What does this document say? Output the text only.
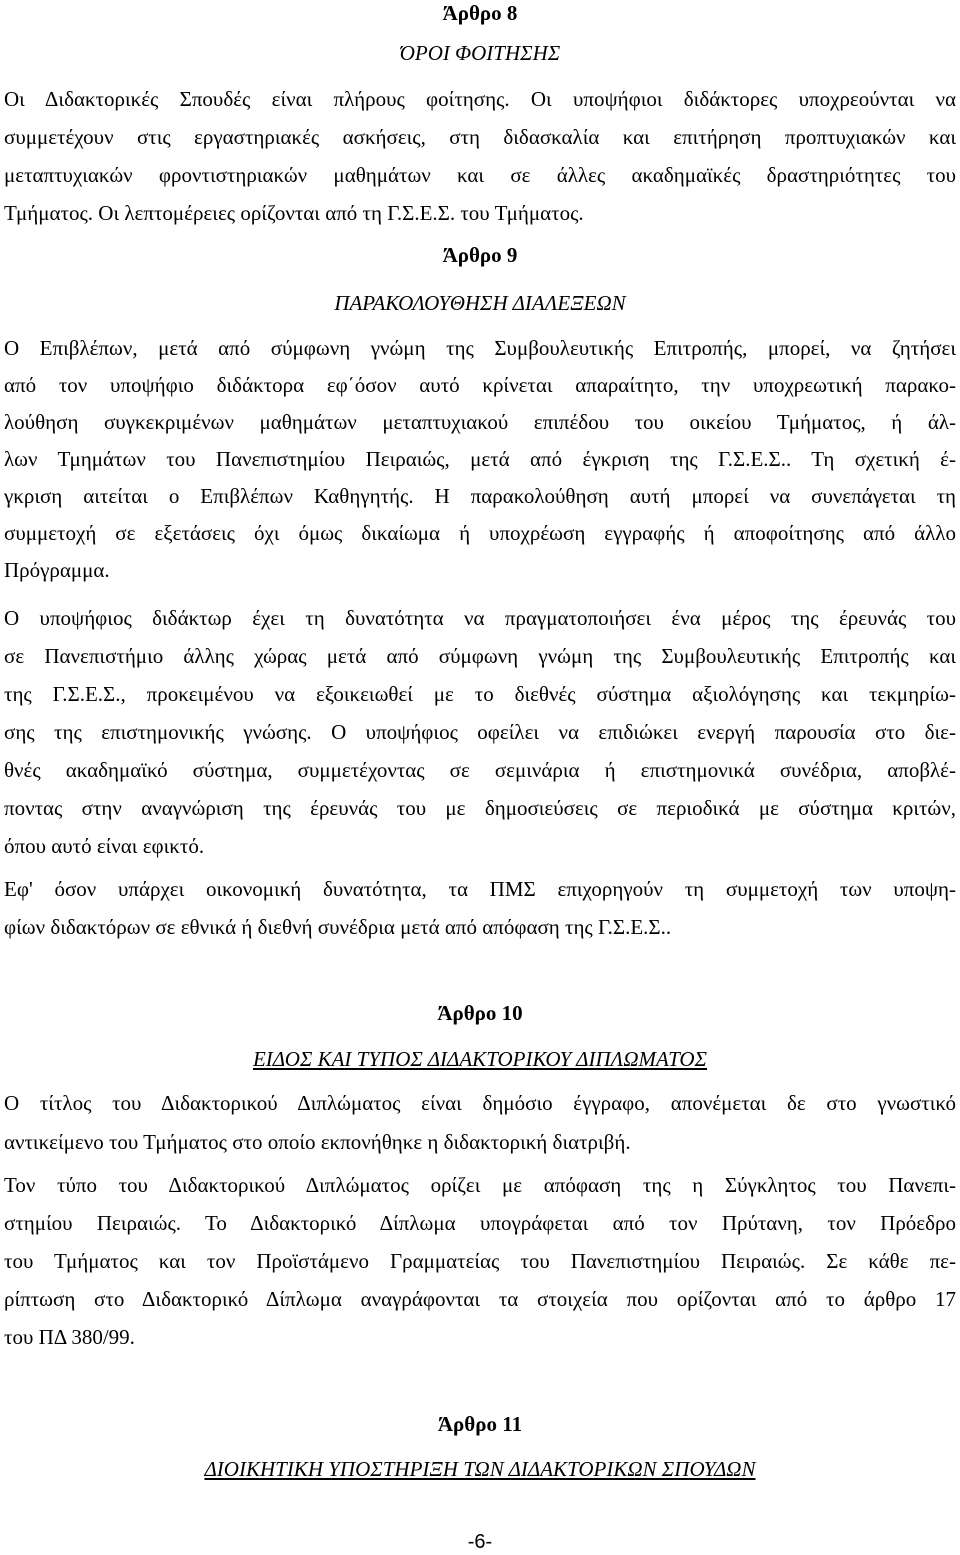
Άρθρο 8
ΌΡΟΙ ΦΟΙΤΗΣΗΣ
Οι Διδακτορικές Σπουδές είναι πλήρους φοίτησης. Οι υποψήφιοι διδάκτορες υποχρεούνται να
συμμετέχουν στις εργαστηριακές ασκήσεις, στη διδασκαλία και επιτήρηση προπτυχιακών και
μεταπτυχιακών φροντιστηριακών μαθημάτων και σε άλλες ακαδημαϊκές δραστηριότητες του
Τμήματος. Οι λεπτομέρειες ορίζονται από τη Γ.Σ.Ε.Σ. του Τμήματος.
Άρθρο 9
ΠΑΡΑΚΟΛΟΥΘΗΣΗ ΔΙΑΛΕΞΕΩΝ
Ο Επιβλέπων, μετά από σύμφωνη γνώμη της Συμβουλευτικής Επιτροπής, μπορεί, να ζητήσει
από τον υποψήφιο διδάκτορα εφ΄όσον αυτό κρίνεται απαραίτητο, την υποχρεωτική παρακο-
λούθηση συγκεκριμένων μαθημάτων μεταπτυχιακού επιπέδου του οικείου Τμήματος, ή άλ-
λων Τμημάτων του Πανεπιστημίου Πειραιώς, μετά από έγκριση της Γ.Σ.Ε.Σ.. Τη σχετική έ-
γκριση αιτείται ο Επιβλέπων Καθηγητής. Η παρακολούθηση αυτή μπορεί να συνεπάγεται τη
συμμετοχή σε εξετάσεις όχι όμως δικαίωμα ή υποχρέωση εγγραφής ή αποφοίτησης από άλλο
Πρόγραμμα.
Ο υποψήφιος διδάκτωρ έχει τη δυνατότητα να πραγματοποιήσει ένα μέρος της έρευνάς του
σε Πανεπιστήμιο άλλης χώρας μετά από σύμφωνη γνώμη της Συμβουλευτικής Επιτροπής και
της Γ.Σ.Ε.Σ., προκειμένου να εξοικειωθεί με το διεθνές σύστημα αξιολόγησης και τεκμηρίω-
σης της επιστημονικής γνώσης. Ο υποψήφιος οφείλει να επιδιώκει ενεργή παρουσία στο διε-
θνές ακαδημαϊκό σύστημα, συμμετέχοντας σε σεμινάρια ή επιστημονικά συνέδρια, αποβλέ-
ποντας στην αναγνώριση της έρευνάς του με δημοσιεύσεις σε περιοδικά με σύστημα κριτών,
όπου αυτό είναι εφικτό.
Εφ' όσον υπάρχει οικονομική δυνατότητα, τα ΠΜΣ επιχορηγούν τη συμμετοχή των υποψη-
φίων διδακτόρων σε εθνικά ή διεθνή συνέδρια μετά από απόφαση της Γ.Σ.Ε.Σ..
Άρθρο 10
ΕΙΔΟΣ ΚΑΙ ΤΥΠΟΣ ΔΙΔΑΚΤΟΡΙΚΟΥ ΔΙΠΛΩΜΑΤΟΣ
Ο τίτλος του Διδακτορικού Διπλώματος είναι δημόσιο έγγραφο, απονέμεται δε στο γνωστικό
αντικείμενο του Τμήματος στο οποίο εκπονήθηκε η διδακτορική διατριβή.
Τον τύπο του Διδακτορικού Διπλώματος ορίζει με απόφαση της η Σύγκλητος του Πανεπι-
στημίου Πειραιώς. Το Διδακτορικό Δίπλωμα υπογράφεται από τον Πρύτανη, τον Πρόεδρο
του Τμήματος και τον Προϊστάμενο Γραμματείας του Πανεπιστημίου Πειραιώς. Σε κάθε πε-
ρίπτωση στο Διδακτορικό Δίπλωμα αναγράφονται τα στοιχεία που ορίζονται από το άρθρο 17
του ΠΔ 380/99.
Άρθρο 11
ΔΙΟΙΚΗΤΙΚΗ ΥΠΟΣΤΗΡΙΞΗ ΤΩΝ ΔΙΔΑΚΤΟΡΙΚΩΝ ΣΠΟΥΔΩΝ
-6-
